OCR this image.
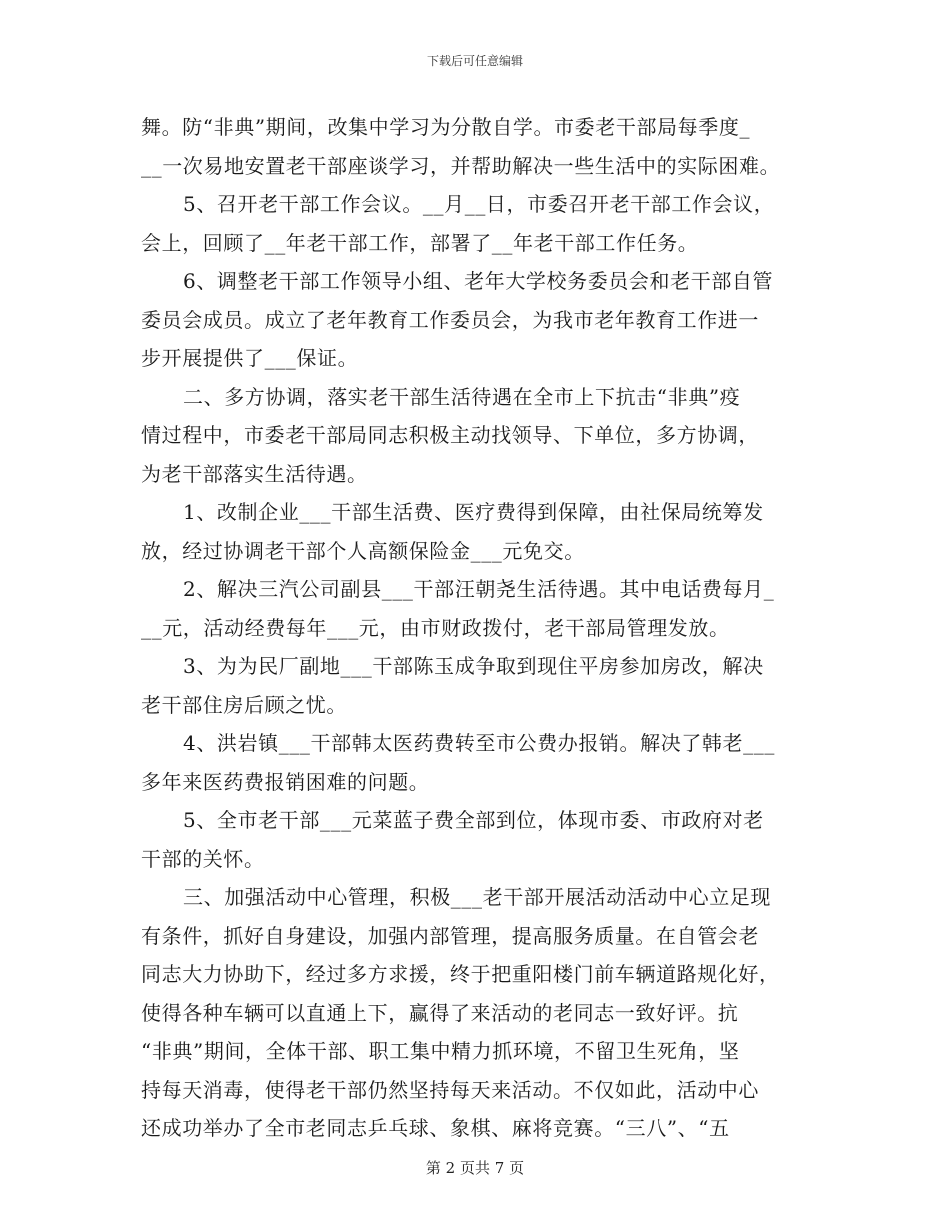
下载后可任意编辑
舞。防“非典”期间，改集中学习为分散自学。市委老干部局每季度_
__一次易地安置老干部座谈学习，并帮助解决一些生活中的实际困难。
5、召开老干部工作会议。__月__日，市委召开老干部工作会议，
会上，回顾了__年老干部工作，部署了__年老干部工作任务。
6、调整老干部工作领导小组、老年大学校务委员会和老干部自管
委员会成员。成立了老年教育工作委员会，为我市老年教育工作进一
步开展提供了___保证。
二、多方协调，落实老干部生活待遇在全市上下抗击“非典”疫
情过程中，市委老干部局同志积极主动找领导、下单位，多方协调，
为老干部落实生活待遇。
1、改制企业___干部生活费、医疗费得到保障，由社保局统筹发
放，经过协调老干部个人高额保险金___元免交。
2、解决三汽公司副县___干部汪朝尧生活待遇。其中电话费每月_
__元，活动经费每年___元，由市财政拨付，老干部局管理发放。
3、为为民厂副地___干部陈玉成争取到现住平房参加房改，解决
老干部住房后顾之忧。
4、洪岩镇___干部韩太医药费转至市公费办报销。解决了韩老___
多年来医药费报销困难的问题。
5、全市老干部___元菜蓝子费全部到位，体现市委、市政府对老
干部的关怀。
三、加强活动中心管理，积极___老干部开展活动活动中心立足现
有条件，抓好自身建设，加强内部管理，提高服务质量。在自管会老
同志大力协助下，经过多方求援，终于把重阳楼门前车辆道路规化好，
使得各种车辆可以直通上下，赢得了来活动的老同志一致好评。抗
“非典”期间，全体干部、职工集中精力抓环境，不留卫生死角，坚
持每天消毒，使得老干部仍然坚持每天来活动。不仅如此，活动中心
还成功举办了全市老同志乒乓球、象棋、麻将竞赛。“三八”、“五
第 2 页共 7 页
